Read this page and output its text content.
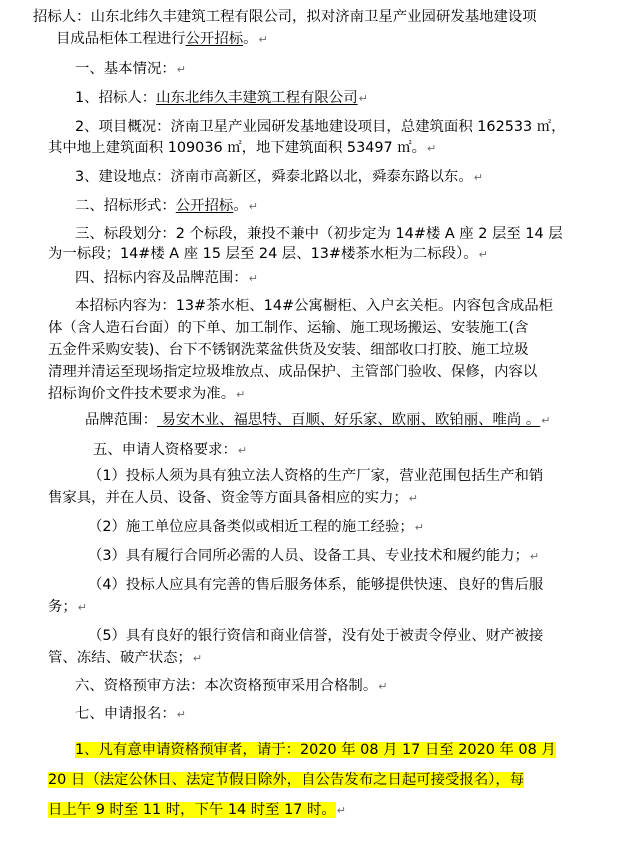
招标人：山东北纬久丰建筑工程有限公司，拟对济南卫星产业园研发基地建设项
目成品柜体工程进行公开招标。↵
一、基本情况：↵
1、招标人：山东北纬久丰建筑工程有限公司↵
2、项目概况：济南卫星产业园研发基地建设项目，总建筑面积 162533 ㎡，
其中地上建筑面积 109036 ㎡，地下建筑面积 53497 ㎡。↵
3、建设地点：济南市高新区，舜泰北路以北，舜泰东路以东。↵
二、招标形式：公开招标。↵
三、标段划分：2 个标段，兼投不兼中（初步定为 14#楼 A 座 2 层至 14 层
为一标段；14#楼 A 座 15 层至 24 层、13#楼茶水柜为二标段）。↵
四、招标内容及品牌范围：↵
本招标内容为：13#茶水柜、14#公寓橱柜、入户玄关柜。内容包含成品柜
体（含人造石台面）的下单、加工制作、运输、施工现场搬运、安装施工(含
五金件采购安装)、台下不锈钢洗菜盆供货及安装、细部收口打胶、施工垃圾
清理并清运至现场指定垃圾堆放点、成品保护、主管部门验收、保修，内容以
招标询价文件技术要求为准。↵
品牌范围： 易安木业、福思特、百顺、好乐家、欧丽、欧铂丽、唯尚 。↵
五、申请人资格要求：↵
（1）投标人须为具有独立法人资格的生产厂家，营业范围包括生产和销
售家具，并在人员、设备、资金等方面具备相应的实力；↵
（2）施工单位应具备类似或相近工程的施工经验；↵
（3）具有履行合同所必需的人员、设备工具、专业技术和履约能力；↵
（4）投标人应具有完善的售后服务体系，能够提供快速、良好的售后服
务；↵
（5）具有良好的银行资信和商业信誉，没有处于被责令停业、财产被接
管、冻结、破产状态；↵
六、资格预审方法：本次资格预审采用合格制。↵
七、申请报名：↵
1、凡有意申请资格预审者，请于：2020 年 08 月 17 日至 2020 年 08 月
20 日（法定公休日、法定节假日除外，自公告发布之日起可接受报名），每
日上午 9 时至 11 时，下午 14 时至 17 时。↵
